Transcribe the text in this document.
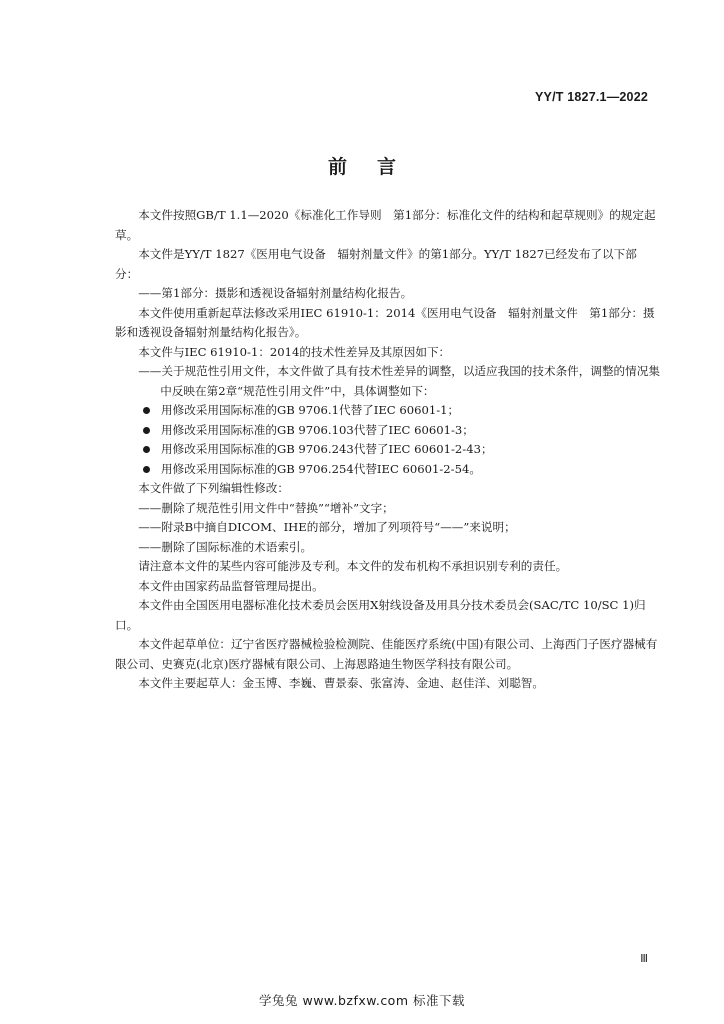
YY/T 1827.1—2022
前言

本文件按照GB/T 1.1—2020《标准化工作导则　第1部分：标准化文件的结构和起草规则》的规定起草。

本文件是YY/T 1827《医用电气设备　辐射剂量文件》的第1部分。YY/T 1827已经发布了以下部分：

——第1部分：摄影和透视设备辐射剂量结构化报告。

本文件使用重新起草法修改采用IEC 61910-1：2014《医用电气设备　辐射剂量文件　第1部分：摄影和透视设备辐射剂量结构化报告》。

本文件与IEC 61910-1：2014的技术性差异及其原因如下：

——关于规范性引用文件，本文件做了具有技术性差异的调整，以适应我国的技术条件，调整的情况集中反映在第2章“规范性引用文件”中，具体调整如下：

用修改采用国际标准的GB 9706.1代替了IEC 60601-1；
用修改采用国际标准的GB 9706.103代替了IEC 60601-3；
用修改采用国际标准的GB 9706.243代替了IEC 60601-2-43；
用修改采用国际标准的GB 9706.254代替IEC 60601-2-54。

本文件做了下列编辑性修改：

——删除了规范性引用文件中“替换”“增补”文字；

——附录B中摘自DICOM、IHE的部分，增加了列项符号“——”来说明；

——删除了国际标准的术语索引。

请注意本文件的某些内容可能涉及专利。本文件的发布机构不承担识别专利的责任。

本文件由国家药品监督管理局提出。

本文件由全国医用电器标准化技术委员会医用X射线设备及用具分技术委员会(SAC/TC 10/SC 1)归口。

本文件起草单位：辽宁省医疗器械检验检测院、佳能医疗系统(中国)有限公司、上海西门子医疗器械有限公司、史赛克(北京)医疗器械有限公司、上海恩路迪生物医学科技有限公司。

本文件主要起草人：金玉博、李巍、曹景泰、张富涛、金迪、赵佳洋、刘聪智。

III
学兔兔 www.bzfxw.com 标准下载
